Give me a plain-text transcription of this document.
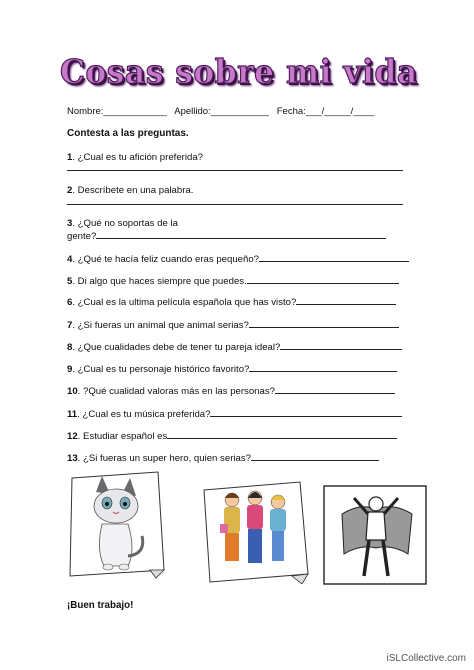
Cosas sobre mi vida
Nombre:____________ Apellido:___________ Fecha:___/_____/____
Contesta a las preguntas.
1. ¿Cual es tu afición preferida?
2. Descríbete en una palabra.
3. ¿Qué no soportas de la
gente?
4. ¿Qué te hacía feliz cuando eras pequeño?
5. Di algo que haces siempre que puedes.
6. ¿Cual es la ultima película española que has visto?
7. ¿Si fueras un animal que animal serias?
8. ¿Que cualidades debe de tener tu pareja ideal?
9. ¿Cual es tu personaje histórico favorito?
10. ?Qué cualidad valoras más en las personas?
11. ¿Cual es tu música preferida?
12. Estudiar español es
13. ¿Si fueras un super hero, quien serias?
¡Buen trabajo!
iSLCollective.com
